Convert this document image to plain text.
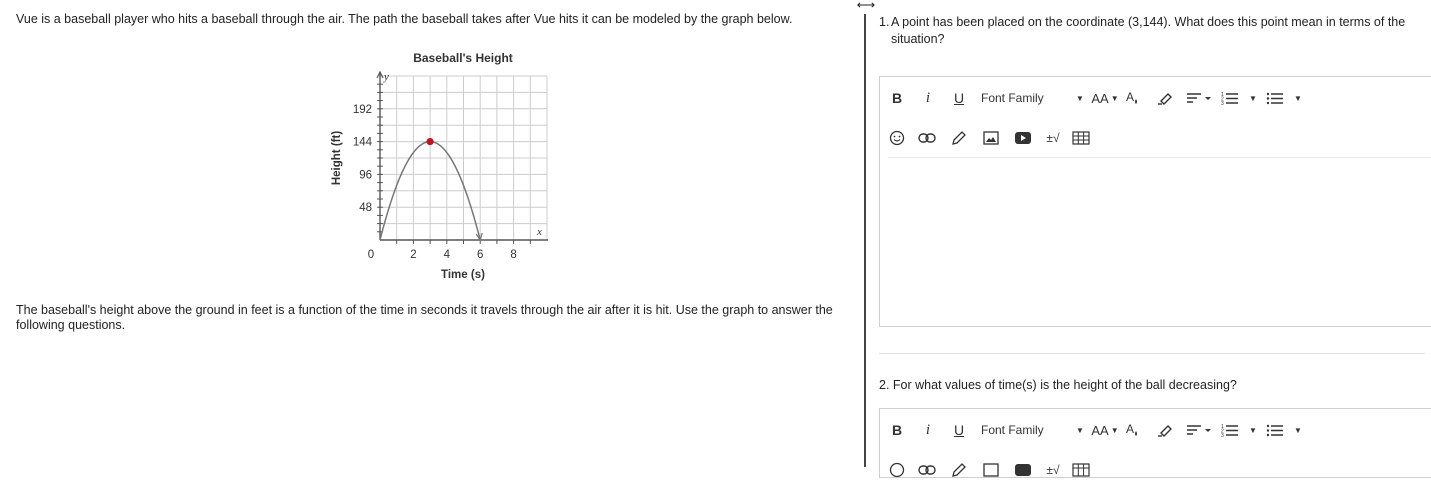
Vue is a baseball player who hits a baseball through the air. The path the baseball takes after Vue hits it can be modeled by the graph below.

Baseball's Height
Height (ft)
Time (s)
y
x
2 4 6 8
48
96
144
192
0

The baseball's height above the ground in feet is a function of the time in seconds it travels through the air after it is hit. Use the graph to answer the following questions.

⟷
1. A point has been placed on the coordinate (3,144). What does this point mean in terms of the situation?
B i U Font Family	▼ AA ▼ A	1
2
3
▼	▼
±√
2. For what values of time(s) is the height of the ball decreasing?
B i U Font Family	▼ AA ▼ A	1
2
3
▼	▼
±√
